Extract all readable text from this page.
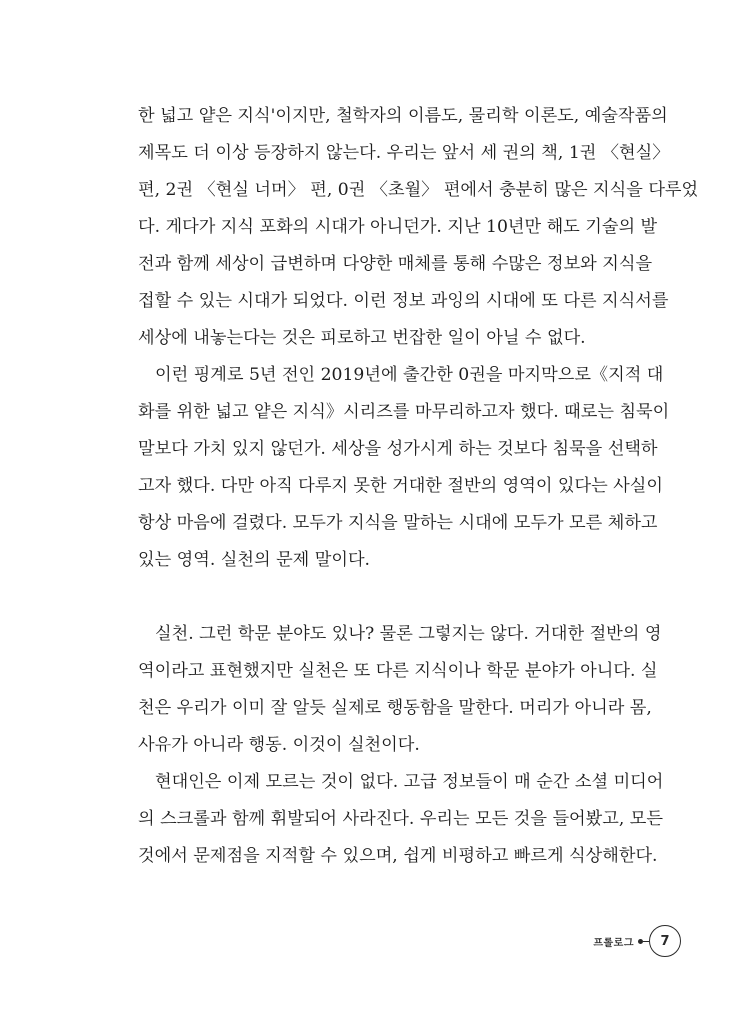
한 넓고 얕은 지식'이지만, 철학자의 이름도, 물리학 이론도, 예술작품의
제목도 더 이상 등장하지 않는다. 우리는 앞서 세 권의 책, 1권 〈현실〉
편, 2권 〈현실 너머〉 편, 0권 〈초월〉 편에서 충분히 많은 지식을 다루었
다. 게다가 지식 포화의 시대가 아니던가. 지난 10년만 해도 기술의 발
전과 함께 세상이 급변하며 다양한 매체를 통해 수많은 정보와 지식을
접할 수 있는 시대가 되었다. 이런 정보 과잉의 시대에 또 다른 지식서를
세상에 내놓는다는 것은 피로하고 번잡한 일이 아닐 수 없다.
이런 핑계로 5년 전인 2019년에 출간한 0권을 마지막으로《지적 대
화를 위한 넓고 얕은 지식》시리즈를 마무리하고자 했다. 때로는 침묵이
말보다 가치 있지 않던가. 세상을 성가시게 하는 것보다 침묵을 선택하
고자 했다. 다만 아직 다루지 못한 거대한 절반의 영역이 있다는 사실이
항상 마음에 걸렸다. 모두가 지식을 말하는 시대에 모두가 모른 체하고
있는 영역. 실천의 문제 말이다.
실천. 그런 학문 분야도 있나? 물론 그렇지는 않다. 거대한 절반의 영
역이라고 표현했지만 실천은 또 다른 지식이나 학문 분야가 아니다. 실
천은 우리가 이미 잘 알듯 실제로 행동함을 말한다. 머리가 아니라 몸,
사유가 아니라 행동. 이것이 실천이다.
현대인은 이제 모르는 것이 없다. 고급 정보들이 매 순간 소셜 미디어
의 스크롤과 함께 휘발되어 사라진다. 우리는 모든 것을 들어봤고, 모든
것에서 문제점을 지적할 수 있으며, 쉽게 비평하고 빠르게 식상해한다.
프롤로그 7
